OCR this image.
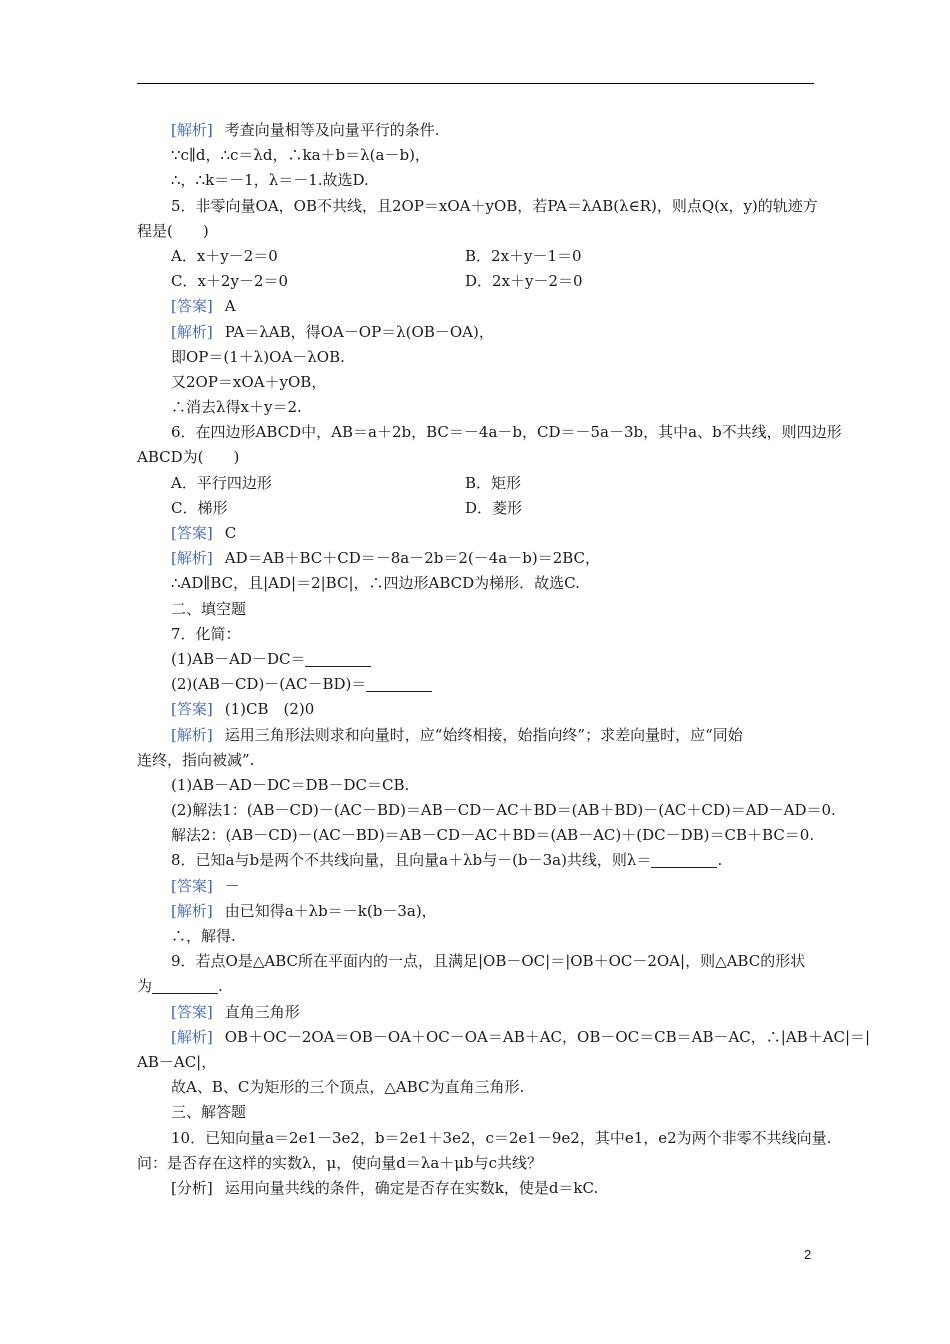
[ 解析 ] 考查向量相等及向量平行的条件.
∵c∥d，∴c＝λd，∴ka＋b＝λ(a－b)，
∴，∴k＝－1，λ＝－1.故选D.
5．非零向量OA，OB不共线，且2OP＝xOA＋yOB，若PA＝λAB(λ∈R)，则点Q(x，y)的轨迹方
程是(　　)
A．x＋y－2＝0	B．2x＋y－1＝0
C．x＋2y－2＝0	D．2x＋y－2＝0
[ 答案 ] A
[ 解析 ] PA＝λAB，得OA－OP＝λ(OB－OA)，
即OP＝(1＋λ)OA－λOB.
又2OP＝xOA＋yOB，
∴消去λ得x＋y＝2.
6．在四边形ABCD中，AB＝a＋2b，BC＝－4a－b，CD＝－5a－3b，其中a、b不共线，则四边形
ABCD为(　　)
A．平行四边形	B．矩形
C．梯形	D．菱形
[ 答案 ] C
[ 解析 ] AD＝AB＋BC＋CD＝－8a－2b＝2(－4a－b)＝2BC，
∴AD∥BC，且|AD|＝2|BC|，∴四边形ABCD为梯形．故选C.
二、填空题
7．化简：
(1)AB－AD－DC＝
(2)(AB－CD)－(AC－BD)＝
[ 答案 ] (1)CB　(2)0
[ 解析 ] 运用三角形法则求和向量时，应“始终相接，始指向终”；求差向量时，应“同始
连终，指向被减”.
(1)AB－AD－DC＝DB－DC＝CB.
(2)解法1：(AB－CD)－(AC－BD)＝AB－CD－AC＋BD＝(AB＋BD)－(AC＋CD)＝AD－AD＝0.
解法2：(AB－CD)－(AC－BD)＝AB－CD－AC＋BD＝(AB－AC)＋(DC－DB)＝CB＋BC＝0.
8．已知a与b是两个不共线向量，且向量a＋λb与－(b－3a)共线，则λ＝	.
[ 答案 ] －
[ 解析 ] 由已知得a＋λb＝－k(b－3a)，
∴，解得.
9．若点O是△ABC所在平面内的一点，且满足|OB－OC|＝|OB＋OC－2OA|，则△ABC的形状
为	.
[ 答案 ] 直角三角形
[ 解析 ] OB＋OC－2OA＝OB－OA＋OC－OA＝AB＋AC，OB－OC＝CB＝AB－AC，∴|AB＋AC|＝|
AB－AC|，
故A、B、C为矩形的三个顶点，△ABC为直角三角形.
三、解答题
10．已知向量a＝2e1－3e2，b＝2e1＋3e2，c＝2e1－9e2，其中e1，e2为两个非零不共线向量.
问：是否存在这样的实数λ，μ，使向量d＝λa＋μb与c共线？
[分析] 运用向量共线的条件，确定是否存在实数k，使是d＝kC.
2
